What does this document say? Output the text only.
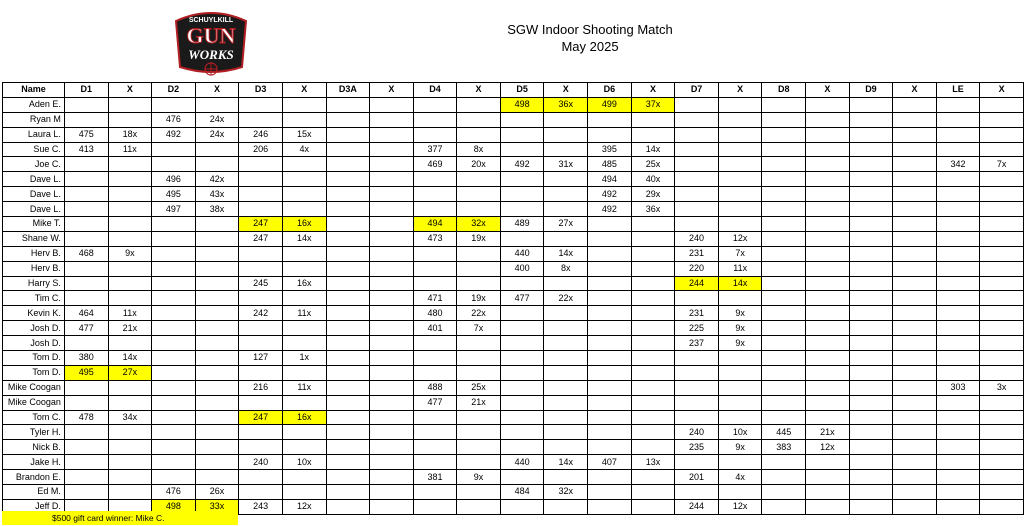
SCHUYLKILL
GUN
WORKS
SGW Indoor Shooting Match
May 2025
Name	D1	X	D2	X	D3	X	D3A	X	D4	X	D5	X	D6	X	D7	X	D8	X	D9	X	LE	X
Aden E.											498	36x	499	37x								
Ryan M			476	24x																		
Laura L.	475	18x	492	24x	246	15x																
Sue C.	413	11x			206	4x			377	8x			395	14x								
Joe C.									469	20x	492	31x	485	25x							342	7x
Dave L.			496	42x									494	40x								
Dave L.			495	43x									492	29x								
Dave L.			497	38x									492	36x								
Mike T.					247	16x			494	32x	489	27x										
Shane W.					247	14x			473	19x					240	12x						
Herv B.	468	9x									440	14x			231	7x						
Herv B.											400	8x			220	11x						
Harry S.					245	16x									244	14x						
Tim C.									471	19x	477	22x										
Kevin K.	464	11x			242	11x			480	22x					231	9x						
Josh D.	477	21x							401	7x					225	9x						
Josh D.															237	9x						
Tom D.	380	14x			127	1x																
Tom D.	495	27x																				
Mike Coogan					216	11x			488	25x											303	3x
Mike Coogan									477	21x												
Tom C.	478	34x			247	16x																
Tyler H.															240	10x	445	21x				
Nick B.															235	9x	383	12x				
Jake H.					240	10x					440	14x	407	13x								
Brandon E.									381	9x					201	4x						
Ed M.			476	26x							484	32x										
Jeff D.			498	33x	243	12x									244	12x						
$500 gift card winner: Mike C.
